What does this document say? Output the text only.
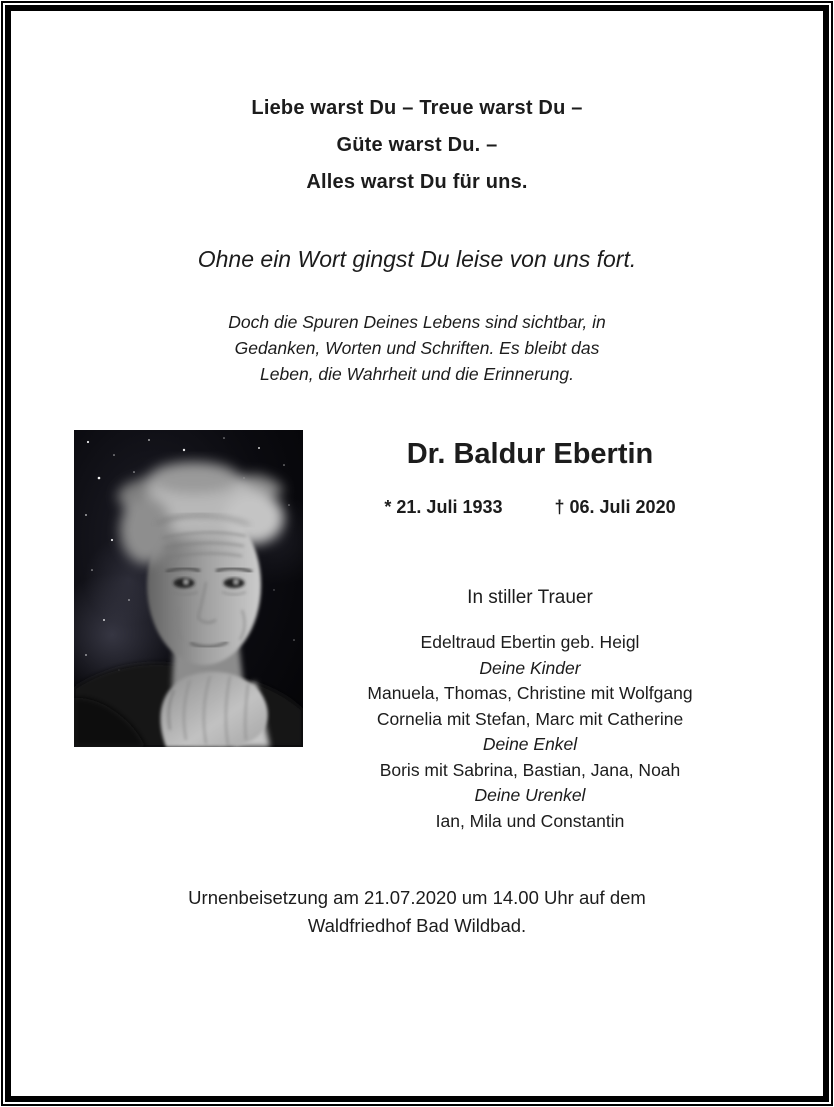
Liebe warst Du – Treue warst Du –
Güte warst Du. –
Alles warst Du für uns.
Ohne ein Wort gingst Du leise von uns fort.
Doch die Spuren Deines Lebens sind sichtbar, in
Gedanken, Worten und Schriften. Es bleibt das
Leben, die Wahrheit und die Erinnerung.
Dr. Baldur Ebertin
* 21. Juli 1933	† 06. Juli 2020
In stiller Trauer
Edeltraud Ebertin geb. Heigl
Deine Kinder
Manuela, Thomas, Christine mit Wolfgang
Cornelia mit Stefan, Marc mit Catherine
Deine Enkel
Boris mit Sabrina, Bastian, Jana, Noah
Deine Urenkel
Ian, Mila und Constantin
Urnenbeisetzung am 21.07.2020 um 14.00 Uhr auf dem
Waldfriedhof Bad Wildbad.
